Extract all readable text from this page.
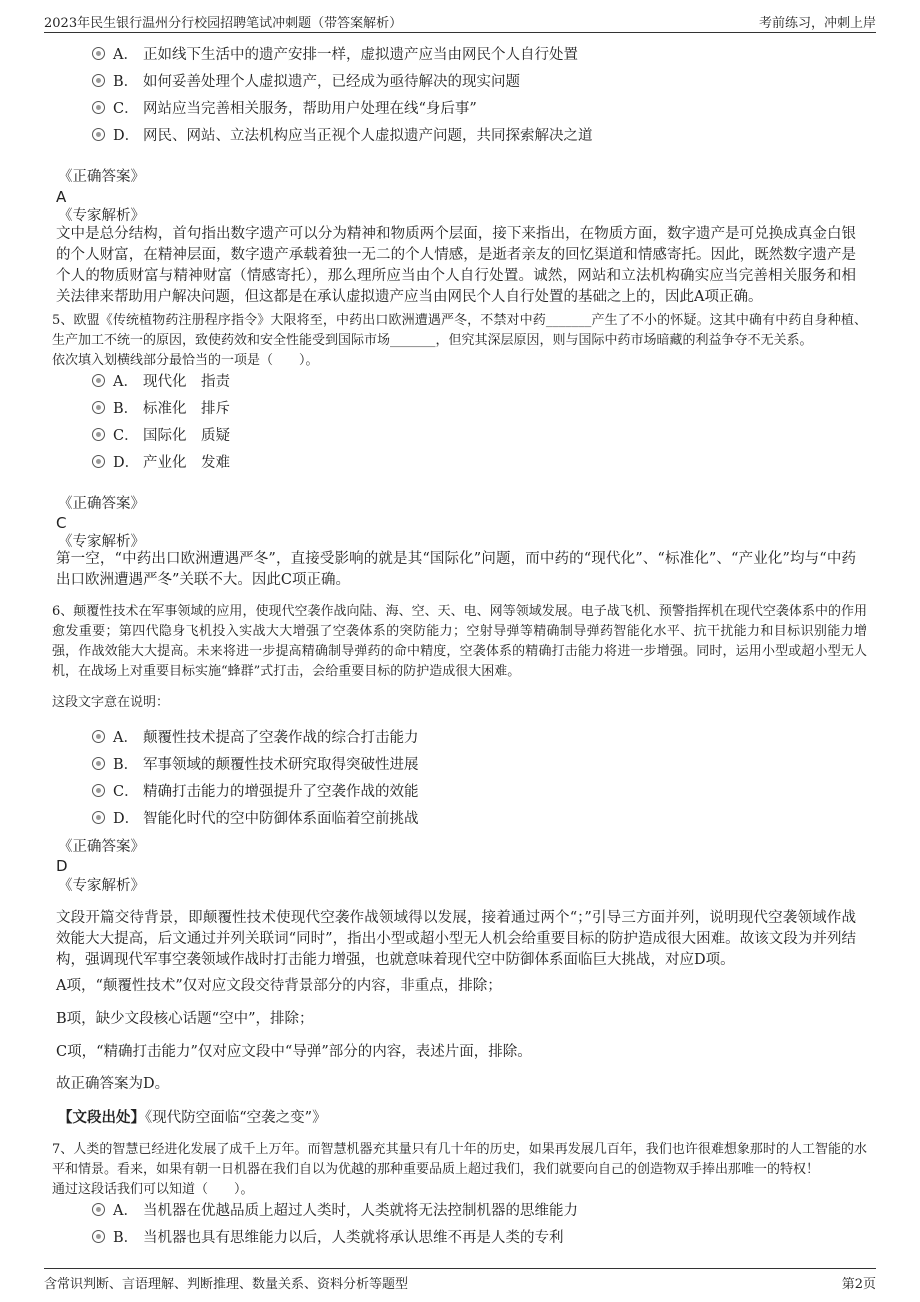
2023年民生银行温州分行校园招聘笔试冲刺题（带答案解析）	考前练习，冲刺上岸
A． 正如线下生活中的遗产安排一样，虚拟遗产应当由网民个人自行处置
B． 如何妥善处理个人虚拟遗产，已经成为亟待解决的现实问题
C． 网站应当完善相关服务，帮助用户处理在线“身后事”
D． 网民、网站、立法机构应当正视个人虚拟遗产问题，共同探索解决之道
《正确答案》
A
《专家解析》
文中是总分结构，首句指出数字遗产可以分为精神和物质两个层面，接下来指出，在物质方面，数字遗产是可兑换成真金白银的个人财富，在精神层面，数字遗产承载着独一无二的个人情感，是逝者亲友的回忆渠道和情感寄托。因此，既然数字遗产是个人的物质财富与精神财富（情感寄托），那么理所应当由个人自行处置。诚然，网站和立法机构确实应当完善相关服务和相关法律来帮助用户解决问题，但这都是在承认虚拟遗产应当由网民个人自行处置的基础之上的，因此A项正确。
5、欧盟《传统植物药注册程序指令》大限将至，中药出口欧洲遭遇严冬，不禁对中药_______产生了不小的怀疑。这其中确有中药自身种植、生产加工不统一的原因，致使药效和安全性能受到国际市场_______，但究其深层原因，则与国际中药市场暗藏的利益争夺不无关系。
依次填入划横线部分最恰当的一项是（　　）。
A． 现代化　指责
B． 标准化　排斥
C． 国际化　质疑
D． 产业化　发难
《正确答案》
C
《专家解析》
第一空，“中药出口欧洲遭遇严冬”，直接受影响的就是其“国际化”问题，而中药的“现代化”、“标准化”、“产业化”均与“中药出口欧洲遭遇严冬”关联不大。因此C项正确。
6、颠覆性技术在军事领域的应用，使现代空袭作战向陆、海、空、天、电、网等领域发展。电子战飞机、预警指挥机在现代空袭体系中的作用愈发重要；第四代隐身飞机投入实战大大增强了空袭体系的突防能力；空射导弹等精确制导弹药智能化水平、抗干扰能力和目标识别能力增强，作战效能大大提高。未来将进一步提高精确制导弹药的命中精度，空袭体系的精确打击能力将进一步增强。同时，运用小型或超小型无人机，在战场上对重要目标实施“蜂群”式打击，会给重要目标的防护造成很大困难。
这段文字意在说明：
A． 颠覆性技术提高了空袭作战的综合打击能力
B． 军事领域的颠覆性技术研究取得突破性进展
C． 精确打击能力的增强提升了空袭作战的效能
D． 智能化时代的空中防御体系面临着空前挑战
《正确答案》
D
《专家解析》
文段开篇交待背景，即颠覆性技术使现代空袭作战领域得以发展，接着通过两个“；”引导三方面并列，说明现代空袭领域作战效能大大提高，后文通过并列关联词“同时”，指出小型或超小型无人机会给重要目标的防护造成很大困难。故该文段为并列结构，强调现代军事空袭领域作战时打击能力增强，也就意味着现代空中防御体系面临巨大挑战，对应D项。
A项，“颠覆性技术”仅对应文段交待背景部分的内容，非重点，排除；
B项，缺少文段核心话题“空中”，排除；
C项，“精确打击能力”仅对应文段中“导弹”部分的内容，表述片面，排除。
故正确答案为D。
【文段出处】《现代防空面临“空袭之变”》
7、人类的智慧已经进化发展了成千上万年。而智慧机器充其量只有几十年的历史，如果再发展几百年，我们也许很难想象那时的人工智能的水平和情景。看来，如果有朝一日机器在我们自以为优越的那种重要品质上超过我们，我们就要向自己的创造物双手捧出那唯一的特权！
通过这段话我们可以知道（　　）。
A． 当机器在优越品质上超过人类时，人类就将无法控制机器的思维能力
B． 当机器也具有思维能力以后，人类就将承认思维不再是人类的专利
含常识判断、言语理解、判断推理、数量关系、资料分析等题型	第2页
